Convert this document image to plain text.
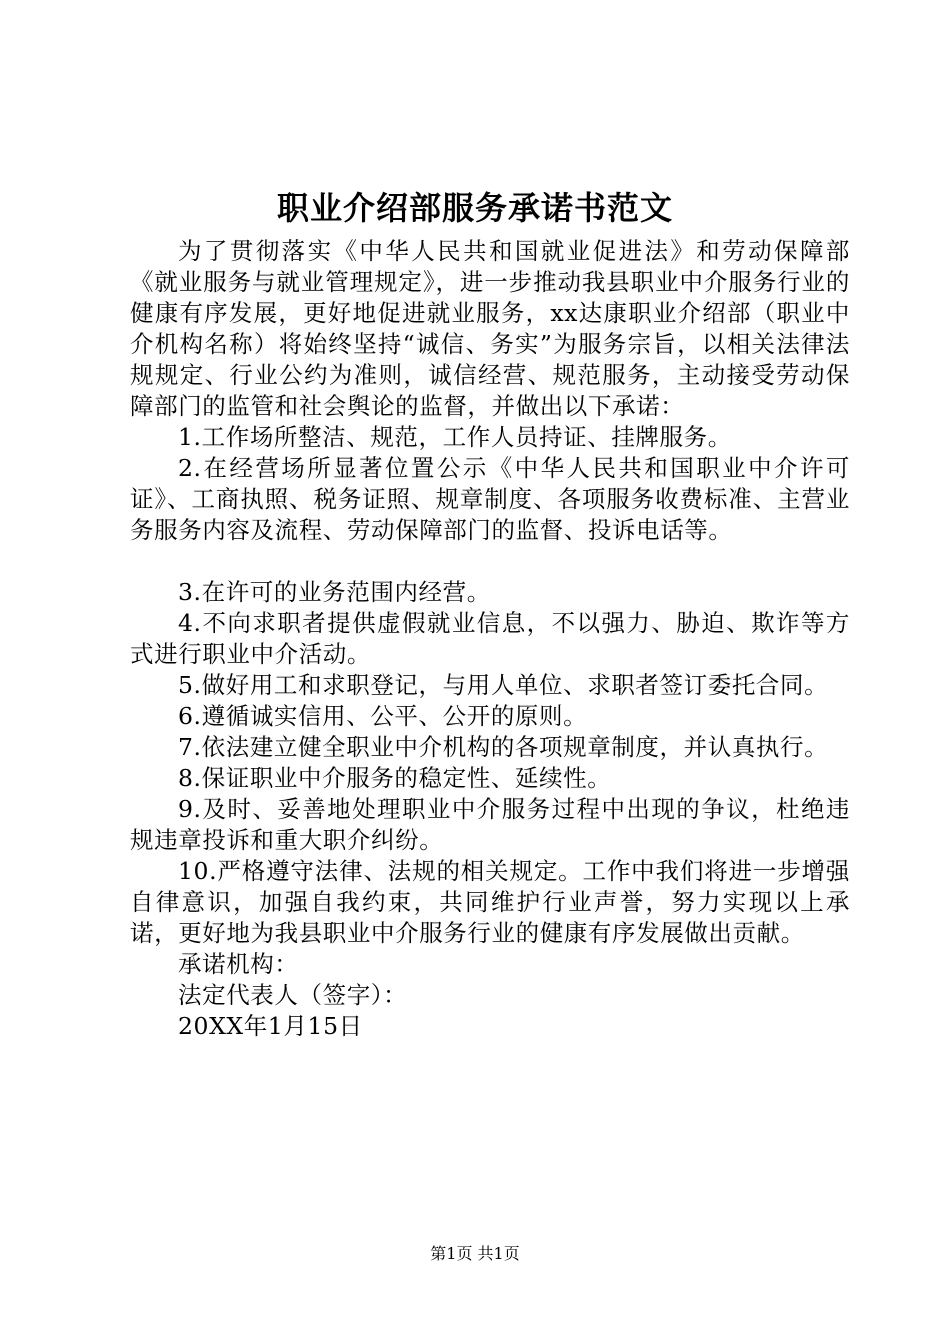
职业介绍部服务承诺书范文

为了贯彻落实《中华人民共和国就业促进法》和劳动保障部《就业服务与就业管理规定》，进一步推动我县职业中介服务行业的健康有序发展，更好地促进就业服务，xx达康职业介绍部（职业中介机构名称）将始终坚持“诚信、务实”为服务宗旨，以相关法律法规规定、行业公约为准则，诚信经营、规范服务，主动接受劳动保障部门的监管和社会舆论的监督，并做出以下承诺：

1.工作场所整洁、规范，工作人员持证、挂牌服务。

2.在经营场所显著位置公示《中华人民共和国职业中介许可证》、工商执照、税务证照、规章制度、各项服务收费标准、主营业务服务内容及流程、劳动保障部门的监督、投诉电话等。

3.在许可的业务范围内经营。

4.不向求职者提供虚假就业信息，不以强力、胁迫、欺诈等方式进行职业中介活动。

5.做好用工和求职登记，与用人单位、求职者签订委托合同。

6.遵循诚实信用、公平、公开的原则。

7.依法建立健全职业中介机构的各项规章制度，并认真执行。

8.保证职业中介服务的稳定性、延续性。

9.及时、妥善地处理职业中介服务过程中出现的争议，杜绝违规违章投诉和重大职介纠纷。

10.严格遵守法律、法规的相关规定。工作中我们将进一步增强自律意识，加强自我约束，共同维护行业声誉，努力实现以上承诺，更好地为我县职业中介服务行业的健康有序发展做出贡献。

承诺机构：

法定代表人（签字）：

20XX年1月15日

第1页 共1页
